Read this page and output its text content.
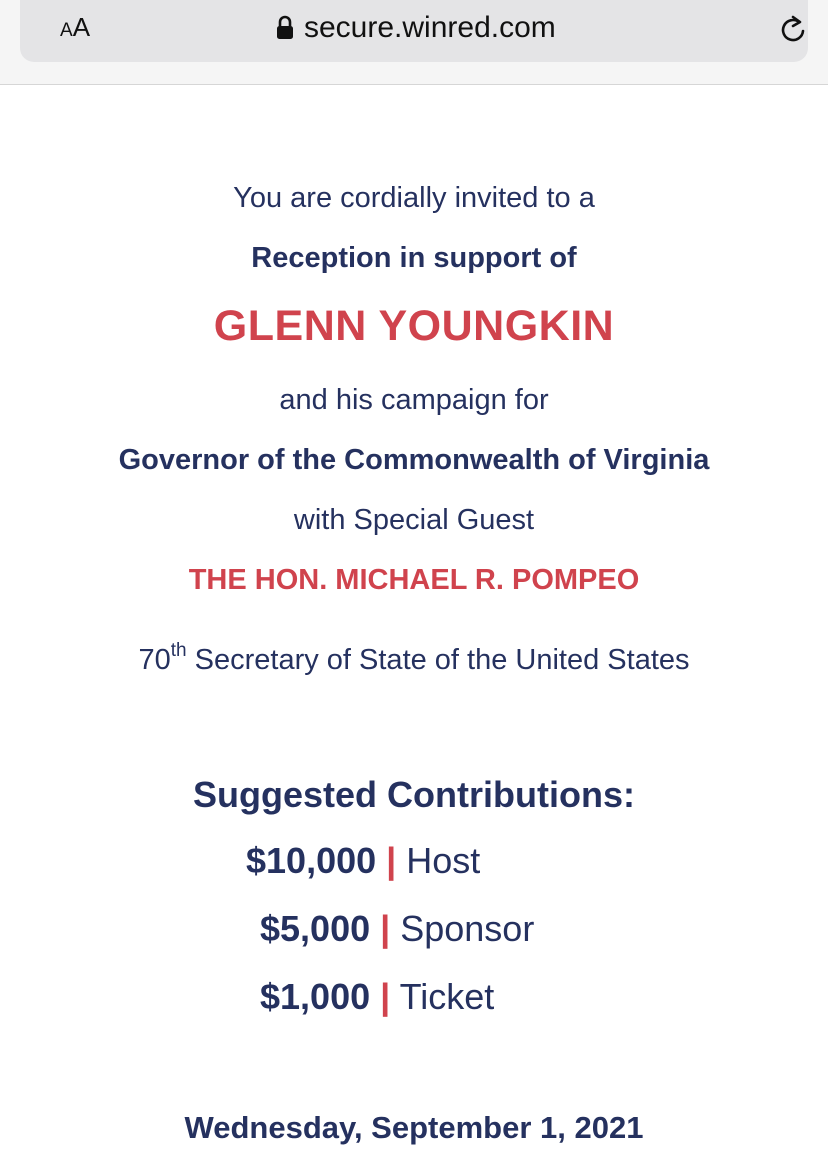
AA	secure.winred.com
You are cordially invited to a
Reception in support of
GLENN YOUNGKIN
and his campaign for
Governor of the Commonwealth of Virginia
with Special Guest
THE HON. MICHAEL R. POMPEO
70th Secretary of State of the United States
Suggested Contributions:
$10,000 | Host
$5,000 | Sponsor
$1,000 | Ticket
Wednesday, September 1, 2021
